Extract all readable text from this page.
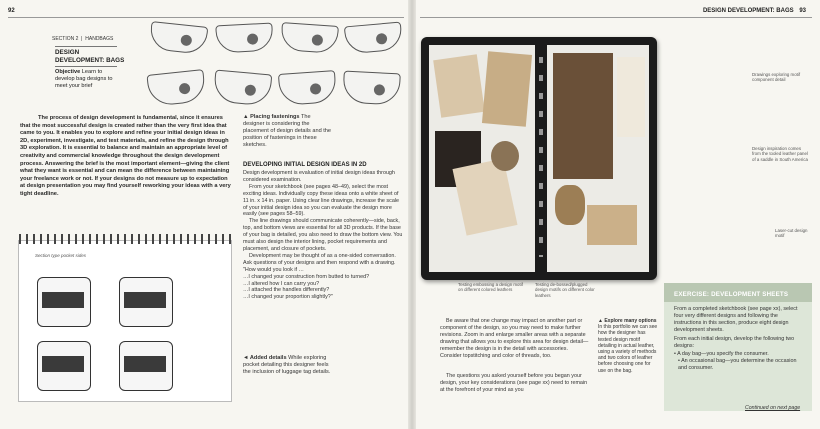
92
SECTION 2  |  HANDBAGS
DESIGN
DEVELOPMENT: BAGS
Objective Learn to develop bag designs to meet your brief
The process of design development is fundamental, since it ensures that the most successful design is created rather than the very first idea that came to you. It enables you to explore and refine your initial design ideas in 2D, experiment, investigate, and test materials, and refine the design through 3D exploration. It is essential to balance and maintain an appropriate level of creativity and commercial knowledge throughout the design development process. Answering the brief is the most important element—giving the client what they want is essential and can mean the difference between maintaining your freelance work or not. If your designs do not measure up to expectation at design presentation you may find yourself reworking your ideas with a very tight deadline.
▲ Placing fastenings The designer is considering the placement of design details and the position of fastenings in these sketches.
DEVELOPING INITIAL DESIGN IDEAS IN 2D
Design development is evaluation of initial design ideas through considered examination.
From your sketchbook (see pages 48–49), select the most exciting ideas. Individually copy these ideas onto a white sheet of 11 in. x 14 in. paper. Using clear line drawings, increase the scale of your initial design idea so you can evaluate the design more easily (see pages 58–59).
The line drawings should communicate coherently—side, back, top, and bottom views are essential for all 3D products. If the base of your bag is detailed, you also need to draw the bottom view. You must also design the interior lining, pocket requirements and placement, and closure of pockets.
Development may be thought of as a one-sided conversation. Ask questions of your designs and then respond with a drawing.
"How would you look if …
…I changed your construction from butted to turned?
…I altered how I can carry you?
…I attached the handles differently?
…I changed your proportion slightly?"
◄ Added details While exploring pocket detailing this designer feels the inclusion of luggage tag details.
Section type pocket sides
DESIGN DEVELOPMENT: BAGS 93
Drawings exploring motif component detail
Design inspiration comes from the tooled leather panel of a saddle in South America
Laser-cut design motif
Testing embossing a design motif on different colored leathers
Testing de-bossed/plugged design motifs on different color leathers
Be aware that one change may impact on another part or component of the design, so you may need to make further revisions. Zoom in and enlarge smaller areas with a separate drawing that allows you to explore this area for design detail—remember the design is in the detail with accessories. Consider topstitching and color of threads, too.
The questions you asked yourself before you began your design, your key considerations (see page xx) need to remain at the forefront of your mind as you
▲ Explore many options In this portfolio we can see how the designer has tested design motif detailing in actual leather, using a variety of methods and two colors of leather before choosing one for use on the bag.
EXERCISE: DEVELOPMENT SHEETS
From a completed sketchbook (see page xx), select four very different designs and following the instructions in this section, produce eight design development sheets.
From each initial design, develop the following two designs:
• A day bag—you specify the consumer.
• An occasional bag—you determine the occasion and consumer.
Continued on next page
